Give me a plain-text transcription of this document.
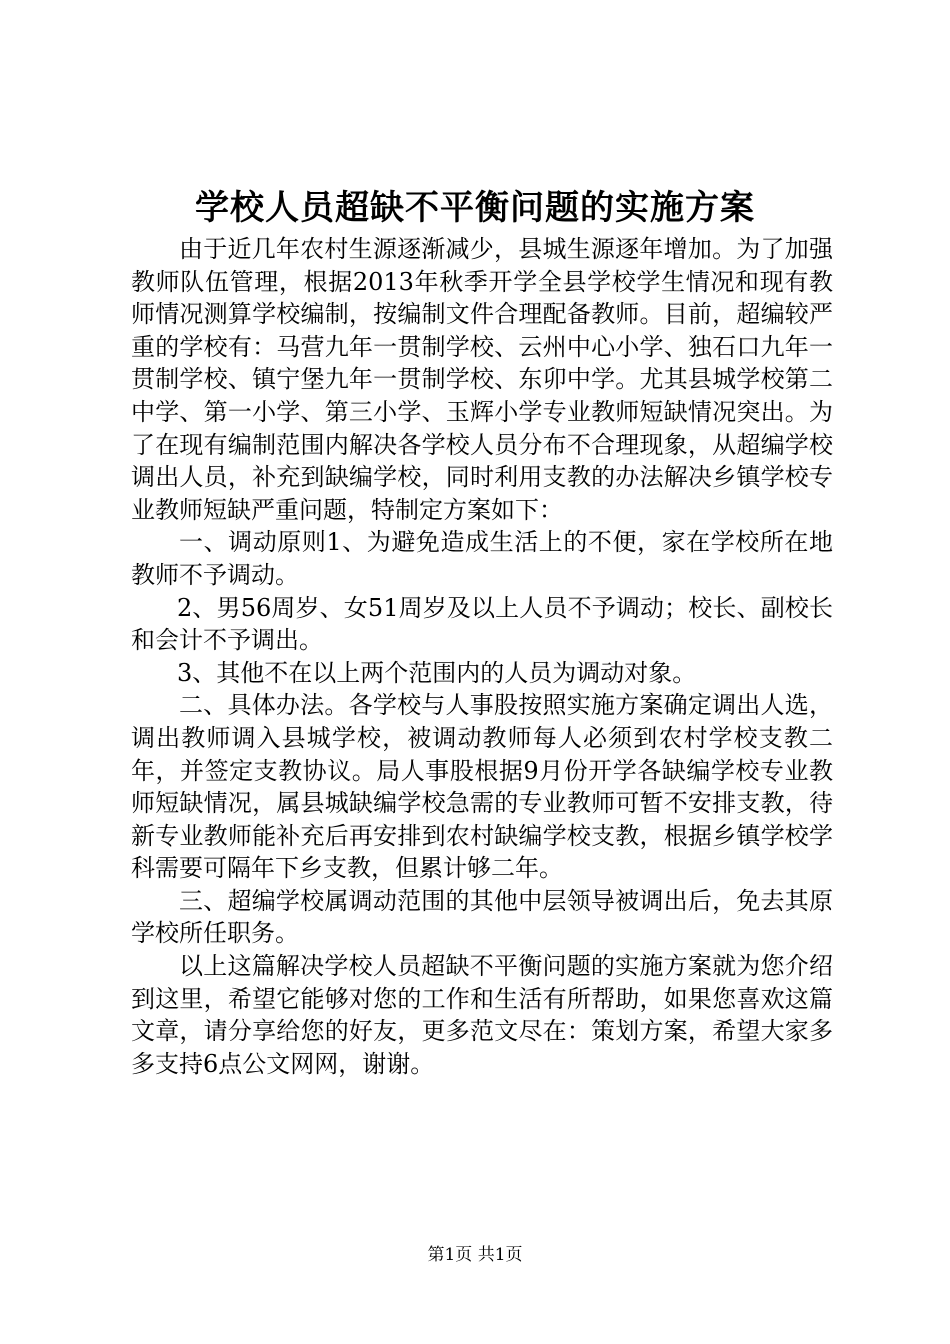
学校人员超缺不平衡问题的实施方案

由于近几年农村生源逐渐减少，县城生源逐年增加。为了加强教师队伍管理，根据2013年秋季开学全县学校学生情况和现有教师情况测算学校编制，按编制文件合理配备教师。目前，超编较严重的学校有：马营九年一贯制学校、云州中心小学、独石口九年一贯制学校、镇宁堡九年一贯制学校、东卯中学。尤其县城学校第二中学、第一小学、第三小学、玉辉小学专业教师短缺情况突出。为了在现有编制范围内解决各学校人员分布不合理现象，从超编学校调出人员，补充到缺编学校，同时利用支教的办法解决乡镇学校专业教师短缺严重问题，特制定方案如下：

一、调动原则1、为避免造成生活上的不便，家在学校所在地教师不予调动。

2、男56周岁、女51周岁及以上人员不予调动；校长、副校长和会计不予调出。

3、其他不在以上两个范围内的人员为调动对象。

二、具体办法。各学校与人事股按照实施方案确定调出人选，调出教师调入县城学校，被调动教师每人必须到农村学校支教二年，并签定支教协议。局人事股根据9月份开学各缺编学校专业教师短缺情况，属县城缺编学校急需的专业教师可暂不安排支教，待新专业教师能补充后再安排到农村缺编学校支教，根据乡镇学校学科需要可隔年下乡支教，但累计够二年。

三、超编学校属调动范围的其他中层领导被调出后，免去其原学校所任职务。

以上这篇解决学校人员超缺不平衡问题的实施方案就为您介绍到这里，希望它能够对您的工作和生活有所帮助，如果您喜欢这篇文章，请分享给您的好友，更多范文尽在：策划方案，希望大家多多支持6点公文网网，谢谢。

第1页 共1页
